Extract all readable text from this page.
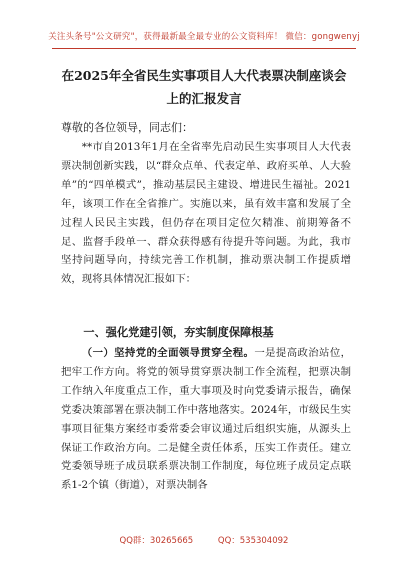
关注头条号"公文研究"，获得最新最全最专业的公文资料库！ 微信：gongwenyj
在2025年全省民生实事项目人大代表票决制座谈会上的汇报发言
尊敬的各位领导，同志们：

**市自2013年1月在全省率先启动民生实事项目人大代表票决制创新实践，以“群众点单、代表定单、政府买单、人大验单”的“四单模式”，推动基层民主建设、增进民生福祉。2021年，该项工作在全省推广。实施以来，虽有效丰富和发展了全过程人民民主实践，但仍存在项目定位欠精准、前期筹备不足、监督手段单一、群众获得感有待提升等问题。为此，我市坚持问题导向，持续完善工作机制，推动票决制工作提质增效，现将具体情况汇报如下：

一、强化党建引领，夯实制度保障根基

（一）坚持党的全面领导贯穿全程。一是提高政治站位，把牢工作方向。将党的领导贯穿票决制工作全流程，把票决制工作纳入年度重点工作，重大事项及时向党委请示报告，确保党委决策部署在票决制工作中落地落实。2024年，市级民生实事项目征集方案经市委常委会审议通过后组织实施，从源头上保证工作政治方向。二是健全责任体系，压实工作责任。建立党委领导班子成员联系票决制工作制度，每位班子成员定点联系1-2个镇（街道），对票决制各

QQ群：30265665	QQ：535304092
